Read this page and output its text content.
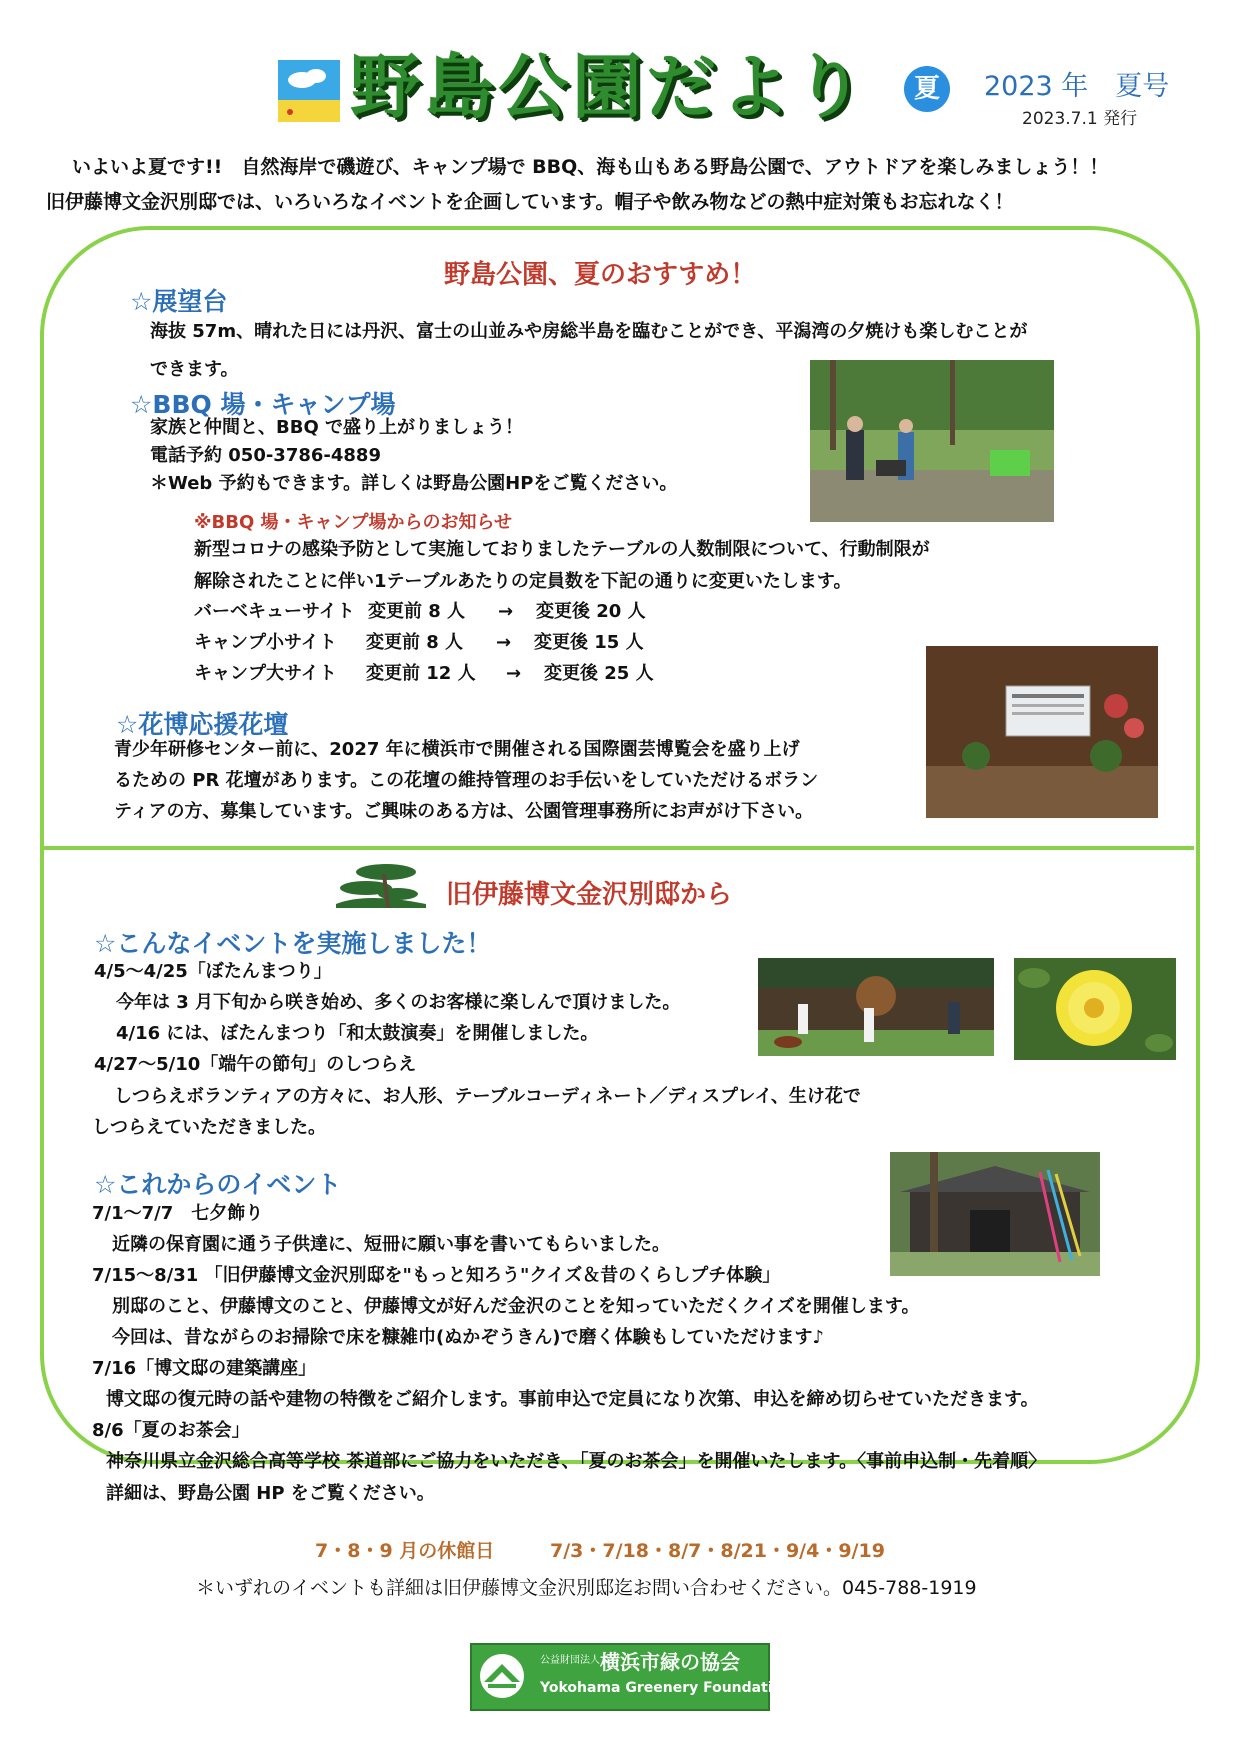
野島公園だより	夏	2023 年　夏号
2023.7.1 発行
いよいよ夏です!!　自然海岸で磯遊び、キャンプ場で BBQ、海も山もある野島公園で、アウトドアを楽しみましょう！！
旧伊藤博文金沢別邸では、いろいろなイベントを企画しています。帽子や飲み物などの熱中症対策もお忘れなく！
野島公園、夏のおすすめ！
☆展望台
海抜 57m、晴れた日には丹沢、富士の山並みや房総半島を臨むことができ、平潟湾の夕焼けも楽しむことが
できます。
☆BBQ 場・キャンプ場
家族と仲間と、BBQ で盛り上がりましょう！
電話予約 050-3786-4889
＊Web 予約もできます。詳しくは野島公園HPをご覧ください。
※BBQ 場・キャンプ場からのお知らせ
新型コロナの感染予防として実施しておりましたテーブルの人数制限について、行動制限が
解除されたことに伴い1テーブルあたりの定員数を下記の通りに変更いたします。
バーベキューサイト 変更前 8 人 → 変更後 20 人
キャンプ小サイト 変更前 8 人 → 変更後 15 人
キャンプ大サイト 変更前 12 人 → 変更後 25 人
☆花博応援花壇
青少年研修センター前に、2027 年に横浜市で開催される国際園芸博覧会を盛り上げ
るための PR 花壇があります。この花壇の維持管理のお手伝いをしていただけるボラン
ティアの方、募集しています。ご興味のある方は、公園管理事務所にお声がけ下さい。
旧伊藤博文金沢別邸から
☆こんなイベントを実施しました！
4/5～4/25「ぼたんまつり」
今年は 3 月下旬から咲き始め、多くのお客様に楽しんで頂けました。
4/16 には、ぼたんまつり「和太鼓演奏」を開催しました。
4/27～5/10「端午の節句」のしつらえ
しつらえボランティアの方々に、お人形、テーブルコーディネート／ディスプレイ、生け花で
しつらえていただきました。
☆これからのイベント
7/1～7/7　七夕飾り
近隣の保育園に通う子供達に、短冊に願い事を書いてもらいました。
7/15～8/31 「旧伊藤博文金沢別邸を"もっと知ろう"クイズ＆昔のくらしプチ体験」
別邸のこと、伊藤博文のこと、伊藤博文が好んだ金沢のことを知っていただくクイズを開催します。
今回は、昔ながらのお掃除で床を糠雑巾(ぬかぞうきん)で磨く体験もしていただけます♪
7/16「博文邸の建築講座」
博文邸の復元時の話や建物の特徴をご紹介します。事前申込で定員になり次第、申込を締め切らせていただきます。
8/6「夏のお茶会」
神奈川県立金沢総合高等学校 茶道部にご協力をいただき、「夏のお茶会」を開催いたします。〈事前申込制・先着順〉
詳細は、野島公園 HP をご覧ください。
7・8・9 月の休館日	7/3・7/18・8/7・8/21・9/4・9/19
＊いずれのイベントも詳細は旧伊藤博文金沢別邸迄お問い合わせください。045-788-1919
公益財団法人 横浜市緑の協会
Yokohama Greenery Foundation
